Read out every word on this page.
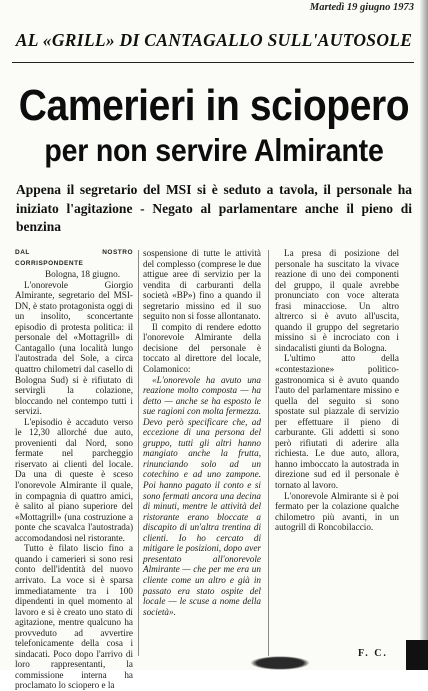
Martedì 19 giugno 1973
AL «GRILL» DI CANTAGALLO SULL'AUTOSOLE
Camerieri in sciopero
per non servire Almirante
Appena il segretario del MSI si è seduto a tavola, il personale ha iniziato l'agitazione - Negato al parlamentare anche il pieno di benzina

DAL NOSTRO CORRISPONDENTE

Bologna, 18 giugno.

L'onorevole Giorgio Almirante, segretario del MSI-DN, è stato protagonista oggi di un insolito, sconcertante episodio di protesta politica: il personale del «Mottagrill» di Cantagallo (una località lungo l'autostrada del Sole, a circa quattro chilometri dal casello di Bologna Sud) si è rifiutato di servirgli la colazione, bloccando nel contempo tutti i servizi.

L'episodio è accaduto verso le 12,30 allorché due auto, provenienti dal Nord, sono fermate nel parcheggio riservato ai clienti del locale. Da una di queste è sceso l'onorevole Almirante il quale, in compagnia di quattro amici, è salito al piano superiore del «Mottagrill» (una costruzione a ponte che scavalca l'autostrada) accomodandosi nel ristorante.

Tutto è filato liscio fino a quando i camerieri si sono resi conto dell'identità del nuovo arrivato. La voce si è sparsa immediatamente tra i 100 dipendenti in quel momento al lavoro e si è creato uno stato di agitazione, mentre qualcuno ha provveduto ad avvertire telefonicamente della cosa i sindacati. Poco dopo l'arrivo di loro rappresentanti, la commissione interna ha proclamato lo sciopero e la

sospensione di tutte le attività del complesso (comprese le due attigue aree di servizio per la vendita di carburanti della società «BP») fino a quando il segretario missino ed il suo seguito non si fosse allontanato.

Il compito di rendere edotto l'onorevole Almirante della decisione del personale è toccato al direttore del locale, Colamonico:

«L'onorevole ha avuto una reazione molto composta — ha detto — anche se ha esposto le sue ragioni con molta fermezza. Devo però specificare che, ad eccezione di una persona del gruppo, tutti gli altri hanno mangiato anche la frutta, rinunciando solo ad un cotechino e ad uno zampone. Poi hanno pagato il conto e si sono fermati ancora una decina di minuti, mentre le attività del ristorante erano bloccate a discapito di un'altra trentina di clienti. Io ho cercato di mitigare le posizioni, dopo aver presentato all'onorevole Almirante — che per me era un cliente come un altro e già in passato era stato ospite del locale — le scuse a nome della società».

La presa di posizione del personale ha suscitato la vivace reazione di uno dei componenti del gruppo, il quale avrebbe pronunciato con voce alterata frasi minacciose. Un altro altrerco si è avuto all'uscita, quando il gruppo del segretario missino si è incrociato con i sindacalisti giunti da Bologna.

L'ultimo atto della «contestazione» politico-gastronomica si è avuto quando l'auto del parlamentare missino e quella del seguito si sono spostate sul piazzale di servizio per effettuare il pieno di carburante. Gli addetti si sono però rifiutati di aderire alla richiesta. Le due auto, allora, hanno imboccato la autostrada in direzione sud ed il personale è tornato al lavoro.

L'onorevole Almirante si è poi fermato per la colazione qualche chilometro più avanti, in un autogrill di Roncobilaccio.

F. C.
